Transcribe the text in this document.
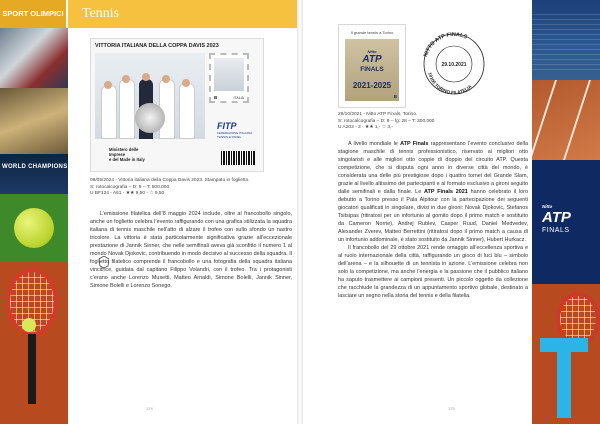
WORLD CHAMPIONS
SPORT OLIMPICI Tennis
VITTORIA ITALIANA DELLA COPPA DAVIS 2023
B	ITALIA
FITP
FEDERAZIONE ITALIANA TENNIS E PADEL
Ministero delle Imprese
e del Made in Italy
08/05/2024 - Vittoria italiana della Coppa Davis 2023. Stampato in foglietto.
S: rotocalcografia – D: 9 – T: 500.000
U BF124 - A61 - ★★ 9,50 - ☆ 9,50

L’emissione filatelica dell’8 maggio 2024 include, oltre al francobollo singolo, anche un foglietto celebra l’evento raffigurando con una grafica stilizzata la squadra italiana di tennis maschile nell’atto di alzare il trofeo con sullo sfondo un nastro tricolore. La vittoria è stata particolarmente significativa grazie all’eccezionale prestazione di Jannik Sinner, che nelle semifinali aveva già sconfitto il numero 1 al mondo Novak Djokovic, contribuendo in modo decisivo al successo della squadra. Il foglietto filatelico comprende il francobollo e una fotografia della squadra italiana vincitrice, guidata dal capitano Filippo Volandri, con il trofeo. Tra i protagonisti c’erano anche Lorenzo Musetti, Matteo Arnaldi, Simone Bolelli, Jannik Sinner, Simone Bolelli e Lorenzo Sonego.

174
Il grande tennis a Torino
Nitto
ATP
FINALS
2021-2025
B
NITTO ATP FINALS
10100 TORINO FILATELIA
29.10.2021
29/10/2021 - Nitto ATP Finals, Torino.
S: rotocalcografia – D: 9 – fg: 28 – T: 300.000
U A203 - 3 - ★★ 1,- ☆ 3,-

A livello mondiale le ATP Finals rappresentano l’evento conclusivo della stagione maschile di tennis professionistico, riservato ai migliori otto singolaristi e alle migliori otto coppie di doppio del circuito ATP. Questa competizione, che si disputa ogni anno in diverse città del mondo, è considerata una delle più prestigiose dopo i quattro tornei del Grande Slam, grazie al livello altissimo dei partecipanti e al formato esclusivo a gironi seguito dalle semifinali e dalla finale. Le ATP Finals 2021 hanno celebrato il loro debutto a Torino presso il Pala Alpitour con la partecipazione dei seguenti giocatori qualificati in singolare, divisi in due gironi: Novak Djokovic, Stefanos Tsitsipas (ritiratosi per un infortunio al gomito dopo il primo match e sostituito da Cameron Norrie), Andrej Rublev, Casper Ruud, Daniel Medvedev, Alexander Zverev, Matteo Berrettini (ritiratosi dopo il primo match a causa di un infortunio addominale, è stato sostituito da Jannik Sinner), Hubert Hurkacz.

Il francobollo del 29 ottobre 2021 rende omaggio all’eccellenza sportiva e al ruolo internazionale della città, raffigurando un gioco di luci blu – simbolo dell’arena – e la silhouette di un tennista in azione. L’emissione celebra non solo la competizione, ma anche l’energia e la passione che il pubblico italiano ha saputo trasmettere ai campioni presenti. Un piccolo oggetto da collezione che racchiude la grandezza di un appuntamento sportivo globale, destinato a lasciare un segno nella storia del tennis e della filatelia.

175
Nitto
ATP
FINALS
